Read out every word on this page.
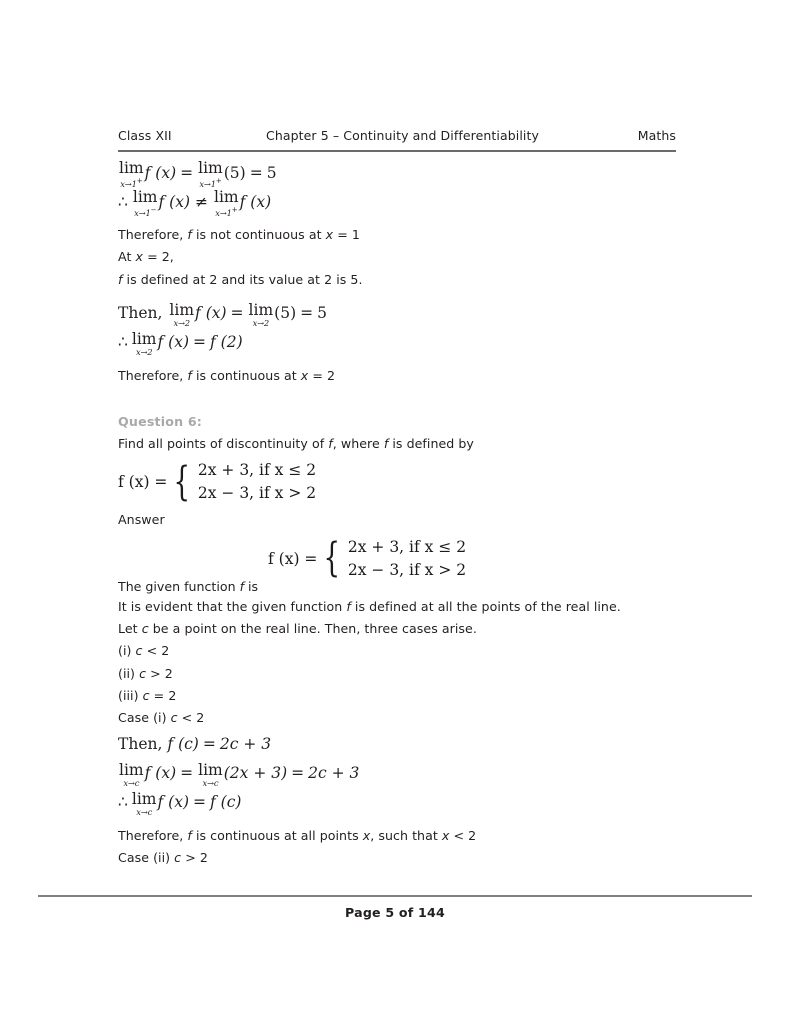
Class XII	Chapter 5 – Continuity and Differentiability	Maths
lim
x→1+ f (x) = lim
x→1+ (5) = 5
∴ lim
x→1− f (x) ≠ lim
x→1+ f (x)
Therefore, f is not continuous at x = 1
At x = 2,
f is defined at 2 and its value at 2 is 5.
Then, lim
x→2
f (x) = lim
x→2
(5) = 5
∴ lim
x→2
f (x) = f (2)
Therefore, f is continuous at x = 2
Question 6:
Find all points of discontinuity of f, where f is defined by
f (x) = { 2x + 3, if x ≤ 2
2x − 3, if x > 2
Answer
f (x) = { 2x + 3, if x ≤ 2
2x − 3, if x > 2
The given function f is
It is evident that the given function f is defined at all the points of the real line.
Let c be a point on the real line. Then, three cases arise.
(i) c < 2
(ii) c > 2
(iii) c = 2
Case (i) c < 2
Then, f (c) = 2c + 3
lim
x→c
f (x) = lim
x→c
(2x + 3) = 2c + 3
∴ lim
x→c
f (x) = f (c)
Therefore, f is continuous at all points x, such that x < 2
Case (ii) c > 2
Page 5 of 144
